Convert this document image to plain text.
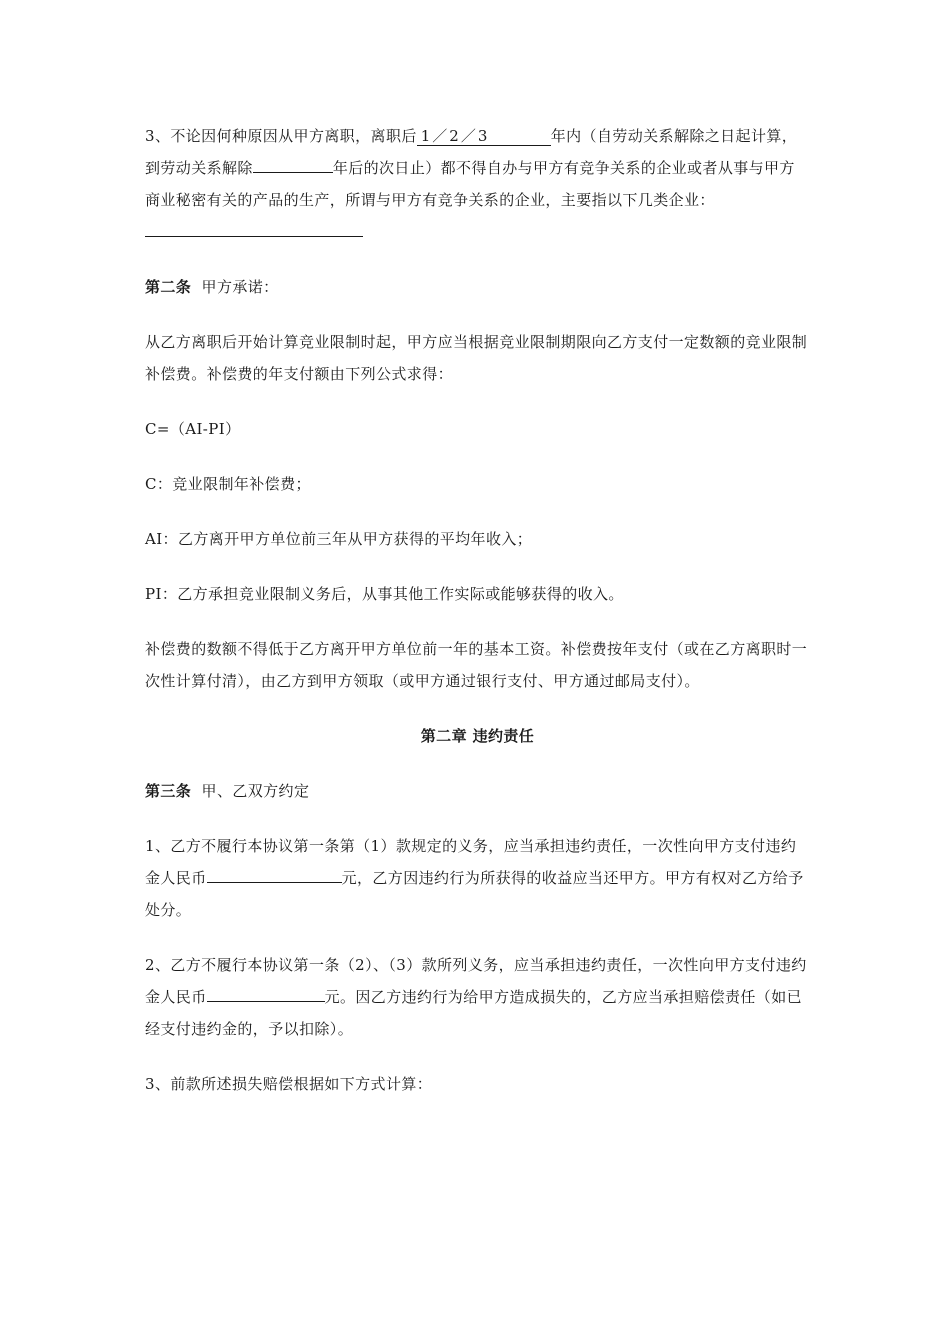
3、不论因何种原因从甲方离职，离职后 1／2／3	年内（自劳动关系解除之日起计算，到劳动关系解除	年后的次日止）都不得自办与甲方有竞争关系的企业或者从事与甲方商业秘密有关的产品的生产，所谓与甲方有竞争关系的企业，主要指以下几类企业：

第二条 甲方承诺：

从乙方离职后开始计算竞业限制时起，甲方应当根据竞业限制期限向乙方支付一定数额的竞业限制补偿费。补偿费的年支付额由下列公式求得：

C=（AI-PI）

C：竞业限制年补偿费；

AI：乙方离开甲方单位前三年从甲方获得的平均年收入；

PI：乙方承担竞业限制义务后，从事其他工作实际或能够获得的收入。

补偿费的数额不得低于乙方离开甲方单位前一年的基本工资。补偿费按年支付（或在乙方离职时一次性计算付清），由乙方到甲方领取（或甲方通过银行支付、甲方通过邮局支付）。

第二章 违约责任

第三条 甲、乙双方约定

1、乙方不履行本协议第一条第（1）款规定的义务，应当承担违约责任，一次性向甲方支付违约金人民币	元，乙方因违约行为所获得的收益应当还甲方。甲方有权对乙方给予处分。

2、乙方不履行本协议第一条（2）、（3）款所列义务，应当承担违约责任，一次性向甲方支付违约金人民币	元。因乙方违约行为给甲方造成损失的，乙方应当承担赔偿责任（如已经支付违约金的，予以扣除）。

3、前款所述损失赔偿根据如下方式计算：
